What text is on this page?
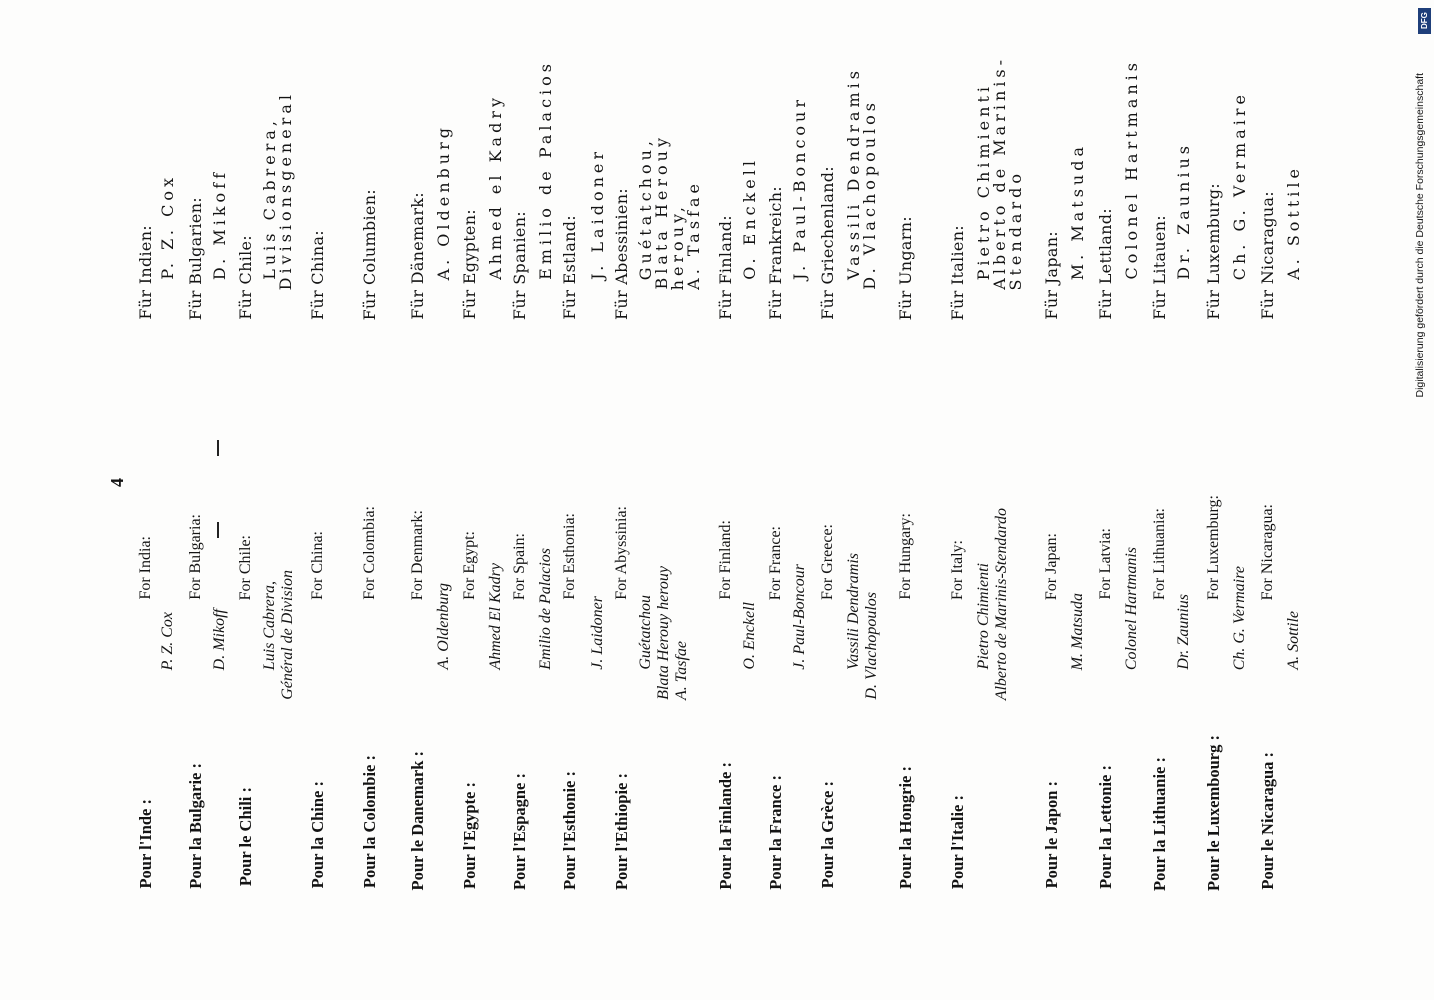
4
Digitalisierung gefördert durch die Deutsche Forschungsgemeinschaft
DFG
Pour l'Inde :
For India:
Für Indien:
P. Z. Cox
P. Z. Cox
Pour la Bulgarie :
For Bulgaria:
Für Bulgarien:
D. Mikoff
D. Mikoff
Pour le Chili :
For Chile:
Für Chile:
Luis Cabrera, Général de Division
Luis Cabrera,
Divisionsgeneral
Pour la Chine :
For China:
Für China:
Pour la Colombie :
For Colombia:
Für Columbien:
Pour le Danemark :
For Denmark:
Für Dänemark:
A. Oldenburg
A. Oldenburg
Pour l'Egypte :
For Egypt:
Für Egypten:
Ahmed El Kadry
Ahmed el Kadry
Pour l'Espagne :
For Spain:
Für Spanien:
Emilio de Palacios
Emilio de Palacios
Pour l'Esthonie :
For Esthonia:
Für Estland:
J. Laidoner
J. Laidoner
Pour l'Ethiopie :
For Abyssinia:
Für Abessinien:
Guétatchou Blata Herouy herouy A. Tasfae
Guétatchou,
Blata Herouy
herouy,
A. Tasfae
Pour la Finlande :
For Finland:
Für Finland:
O. Enckell
O. Enckell
Pour la France :
For France:
Für Frankreich:
J. Paul-Boncour
J. Paul-Boncour
Pour la Grèce :
For Greece:
Für Griechenland:
Vassili Dendramis D. Vlachopoulos
Vassili Dendramis
D. Vlachopoulos
Pour la Hongrie :
For Hungary:
Für Ungarn:
Pour l'Italie :
For Italy:
Für Italien:
Pietro Chimienti Alberto de Marinis-Stendardo
Pietro Chimienti
Alberto de Marinis-
Stendardo
Pour le Japon :
For Japan:
Für Japan:
M. Matsuda
M. Matsuda
Pour la Lettonie :
For Latvia:
Für Lettland:
Colonel Hartmanis
Colonel Hartmanis
Pour la Lithuanie :
For Lithuania:
Für Litauen:
Dr. Zaunius
Dr. Zaunius
Pour le Luxembourg :
For Luxemburg:
Für Luxemburg:
Ch. G. Vermaire
Ch. G. Vermaire
Pour le Nicaragua :
For Nicaragua:
Für Nicaragua:
A. Sottile
A. Sottile
